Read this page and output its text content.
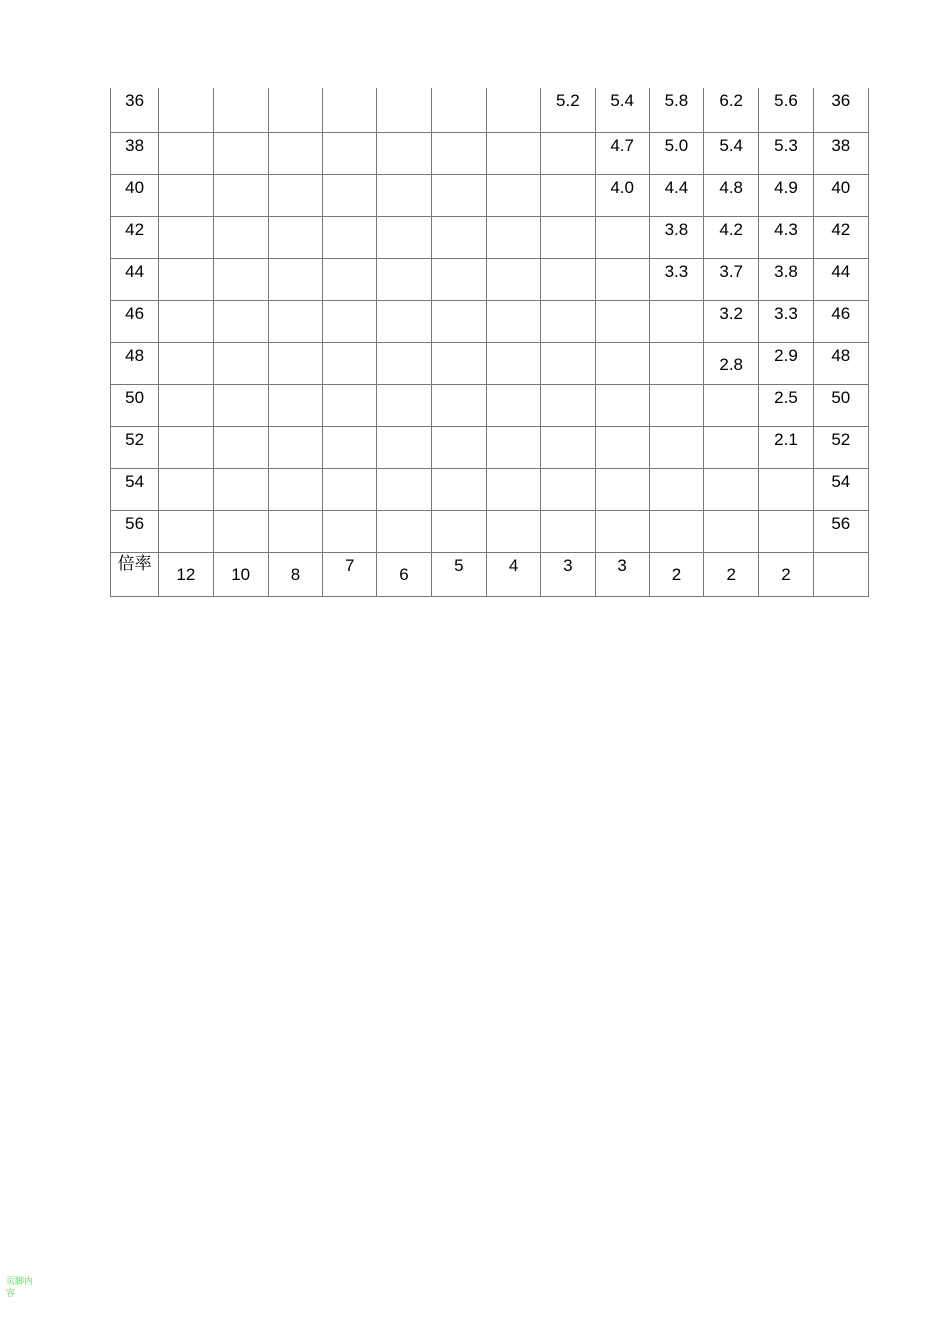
36								5.2	5.4	5.8	6.2	5.6	36
38									4.7	5.0	5.4	5.3	38
40									4.0	4.4	4.8	4.9	40
42										3.8	4.2	4.3	42
44										3.3	3.7	3.8	44
46											3.2	3.3	46
48											2.8	2.9	48
50												2.5	50
52												2.1	52
54													54
56													56
倍率	12	10	8	7	6	5	4	3	3	2	2	2	
页脚内容
